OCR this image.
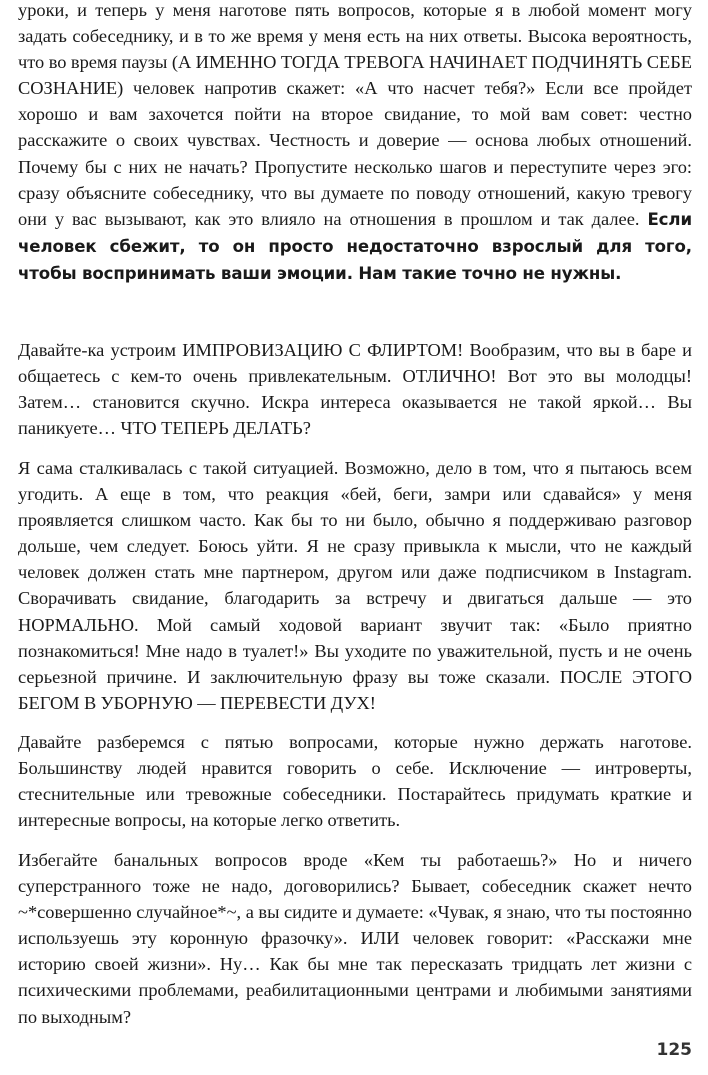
уроки, и теперь у меня наготове пять вопросов, которые я в любой момент могу задать собеседнику, и в то же время у меня есть на них ответы. Высока вероятность, что во время паузы (А ИМЕННО ТОГДА ТРЕВОГА НАЧИНАЕТ ПОДЧИНЯТЬ СЕБЕ СОЗНАНИЕ) человек напротив скажет: «А что насчет тебя?» Если все пройдет хорошо и вам захочется пойти на второе свидание, то мой вам совет: честно расскажите о своих чувствах. Честность и доверие — основа любых отношений. Почему бы с них не начать? Пропустите несколько шагов и переступите через эго: сразу объясните собеседнику, что вы думаете по поводу отношений, какую тревогу они у вас вызывают, как это влияло на отношения в прошлом и так далее. Если человек сбежит, то он просто недостаточно взрослый для того, чтобы воспринимать ваши эмоции. Нам такие точно не нужны.

Давайте-ка устроим ИМПРОВИЗАЦИЮ С ФЛИРТОМ! Вообразим, что вы в баре и общаетесь с кем-то очень привлекательным. ОТЛИЧНО! Вот это вы молодцы! Затем… становится скучно. Искра интереса оказывается не такой яркой… Вы паникуете… ЧТО ТЕПЕРЬ ДЕЛАТЬ?

Я сама сталкивалась с такой ситуацией. Возможно, дело в том, что я пытаюсь всем угодить. А еще в том, что реакция «бей, беги, замри или сдавайся» у меня проявляется слишком часто. Как бы то ни было, обычно я поддерживаю разговор дольше, чем следует. Боюсь уйти. Я не сразу привыкла к мысли, что не каждый человек должен стать мне партнером, другом или даже подписчиком в Instagram. Сворачивать свидание, благодарить за встречу и двигаться дальше — это НОРМАЛЬНО. Мой самый ходовой вариант звучит так: «Было приятно познакомиться! Мне надо в туалет!» Вы уходите по уважительной, пусть и не очень серьезной причине. И заключительную фразу вы тоже сказали. ПОСЛЕ ЭТОГО БЕГОМ В УБОРНУЮ — ПЕРЕВЕСТИ ДУХ!

Давайте разберемся с пятью вопросами, которые нужно держать наготове. Большинству людей нравится говорить о себе. Исключение — интроверты, стеснительные или тревожные собеседники. Постарайтесь придумать краткие и интересные вопросы, на которые легко ответить.

Избегайте банальных вопросов вроде «Кем ты работаешь?» Но и ничего суперстранного тоже не надо, договорились? Бывает, собеседник скажет нечто ~*совершенно случайное*~, а вы сидите и думаете: «Чувак, я знаю, что ты постоянно используешь эту коронную фразочку». ИЛИ человек говорит: «Расскажи мне историю своей жизни». Ну… Как бы мне так пересказать тридцать лет жизни с психическими проблемами, реабилитационными центрами и любимыми занятиями по выходным?

125
